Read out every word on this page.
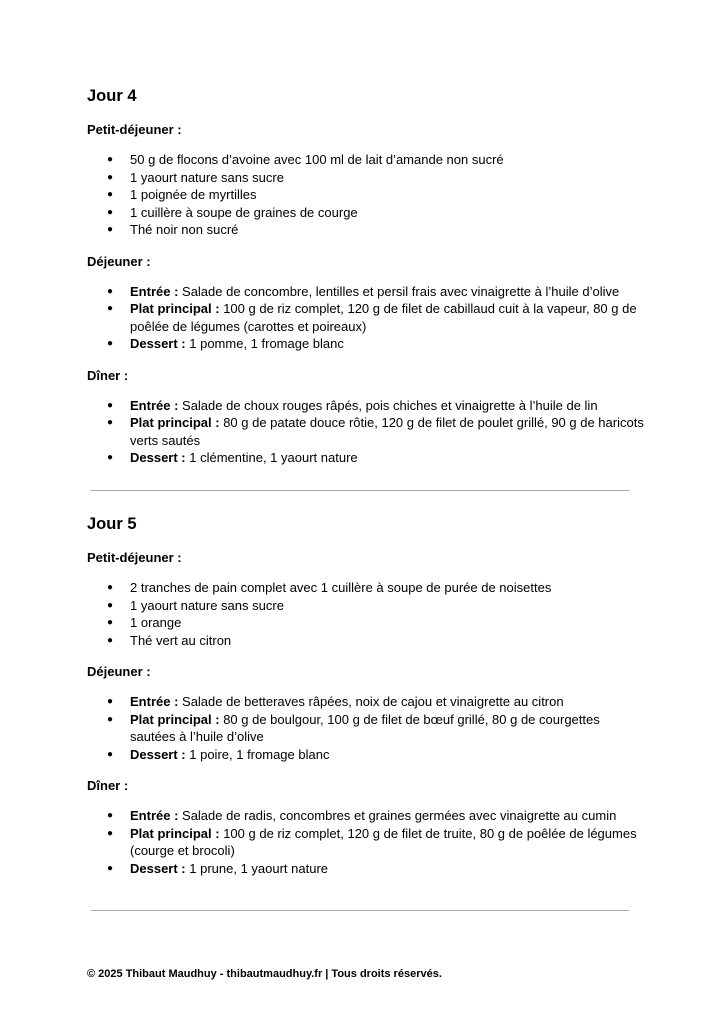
Jour 4
Petit-déjeuner :
● 50 g de flocons d’avoine avec 100 ml de lait d’amande non sucré
● 1 yaourt nature sans sucre
● 1 poignée de myrtilles
● 1 cuillère à soupe de graines de courge
● Thé noir non sucré
Déjeuner :
● Entrée : Salade de concombre, lentilles et persil frais avec vinaigrette à l’huile d’olive
● Plat principal : 100 g de riz complet, 120 g de filet de cabillaud cuit à la vapeur, 80 g de poêlée de légumes (carottes et poireaux)
● Dessert : 1 pomme, 1 fromage blanc
Dîner :
● Entrée : Salade de choux rouges râpés, pois chiches et vinaigrette à l’huile de lin
● Plat principal : 80 g de patate douce rôtie, 120 g de filet de poulet grillé, 90 g de haricots verts sautés
● Dessert : 1 clémentine, 1 yaourt nature
Jour 5
Petit-déjeuner :
● 2 tranches de pain complet avec 1 cuillère à soupe de purée de noisettes
● 1 yaourt nature sans sucre
● 1 orange
● Thé vert au citron
Déjeuner :
● Entrée : Salade de betteraves râpées, noix de cajou et vinaigrette au citron
● Plat principal : 80 g de boulgour, 100 g de filet de bœuf grillé, 80 g de courgettes sautées à l’huile d’olive
● Dessert : 1 poire, 1 fromage blanc
Dîner :
● Entrée : Salade de radis, concombres et graines germées avec vinaigrette au cumin
● Plat principal : 100 g de riz complet, 120 g de filet de truite, 80 g de poêlée de légumes (courge et brocoli)
● Dessert : 1 prune, 1 yaourt nature
© 2025 Thibaut Maudhuy - thibautmaudhuy.fr | Tous droits réservés.
